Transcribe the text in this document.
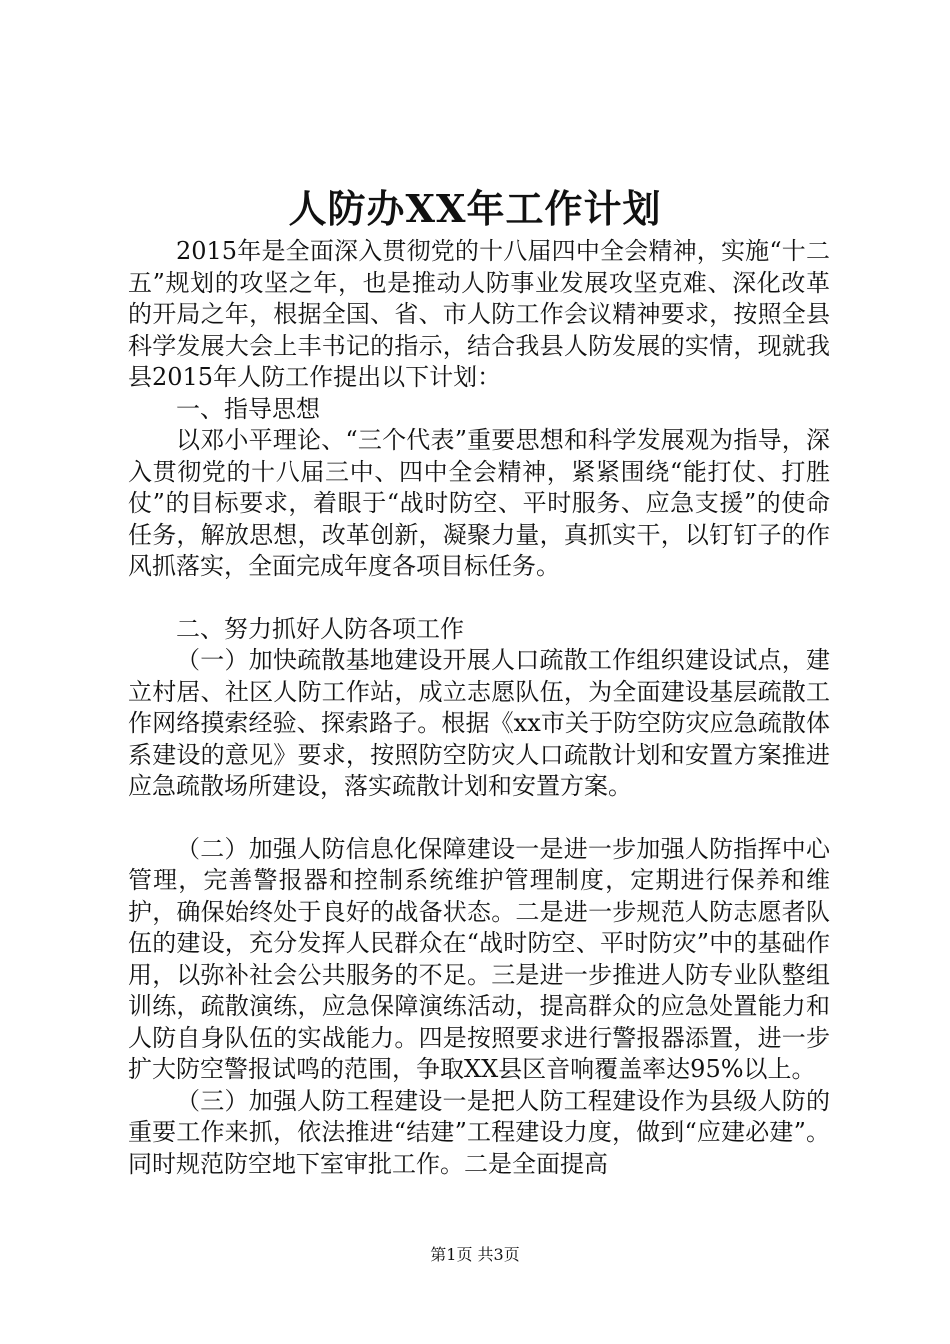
人防办XX年工作计划

2015年是全面深入贯彻党的十八届四中全会精神，实施“十二五”规划的攻坚之年，也是推动人防事业发展攻坚克难、深化改革的开局之年，根据全国、省、市人防工作会议精神要求，按照全县科学发展大会上丰书记的指示，结合我县人防发展的实情，现就我县2015年人防工作提出以下计划：

一、指导思想

以邓小平理论、“三个代表”重要思想和科学发展观为指导，深入贯彻党的十八届三中、四中全会精神，紧紧围绕“能打仗、打胜仗”的目标要求，着眼于“战时防空、平时服务、应急支援”的使命任务，解放思想，改革创新，凝聚力量，真抓实干，以钉钉子的作风抓落实，全面完成年度各项目标任务。

二、努力抓好人防各项工作

（一）加快疏散基地建设开展人口疏散工作组织建设试点，建立村居、社区人防工作站，成立志愿队伍，为全面建设基层疏散工作网络摸索经验、探索路子。根据《xx市关于防空防灾应急疏散体系建设的意见》要求，按照防空防灾人口疏散计划和安置方案推进应急疏散场所建设，落实疏散计划和安置方案。

（二）加强人防信息化保障建设一是进一步加强人防指挥中心管理，完善警报器和控制系统维护管理制度，定期进行保养和维护，确保始终处于良好的战备状态。二是进一步规范人防志愿者队伍的建设，充分发挥人民群众在“战时防空、平时防灾”中的基础作用，以弥补社会公共服务的不足。三是进一步推进人防专业队整组训练，疏散演练，应急保障演练活动，提高群众的应急处置能力和人防自身队伍的实战能力。四是按照要求进行警报器添置，进一步扩大防空警报试鸣的范围，争取XX县区音响覆盖率达95%以上。

（三）加强人防工程建设一是把人防工程建设作为县级人防的重要工作来抓，依法推进“结建”工程建设力度，做到“应建必建”。同时规范防空地下室审批工作。二是全面提高

第1页 共3页
